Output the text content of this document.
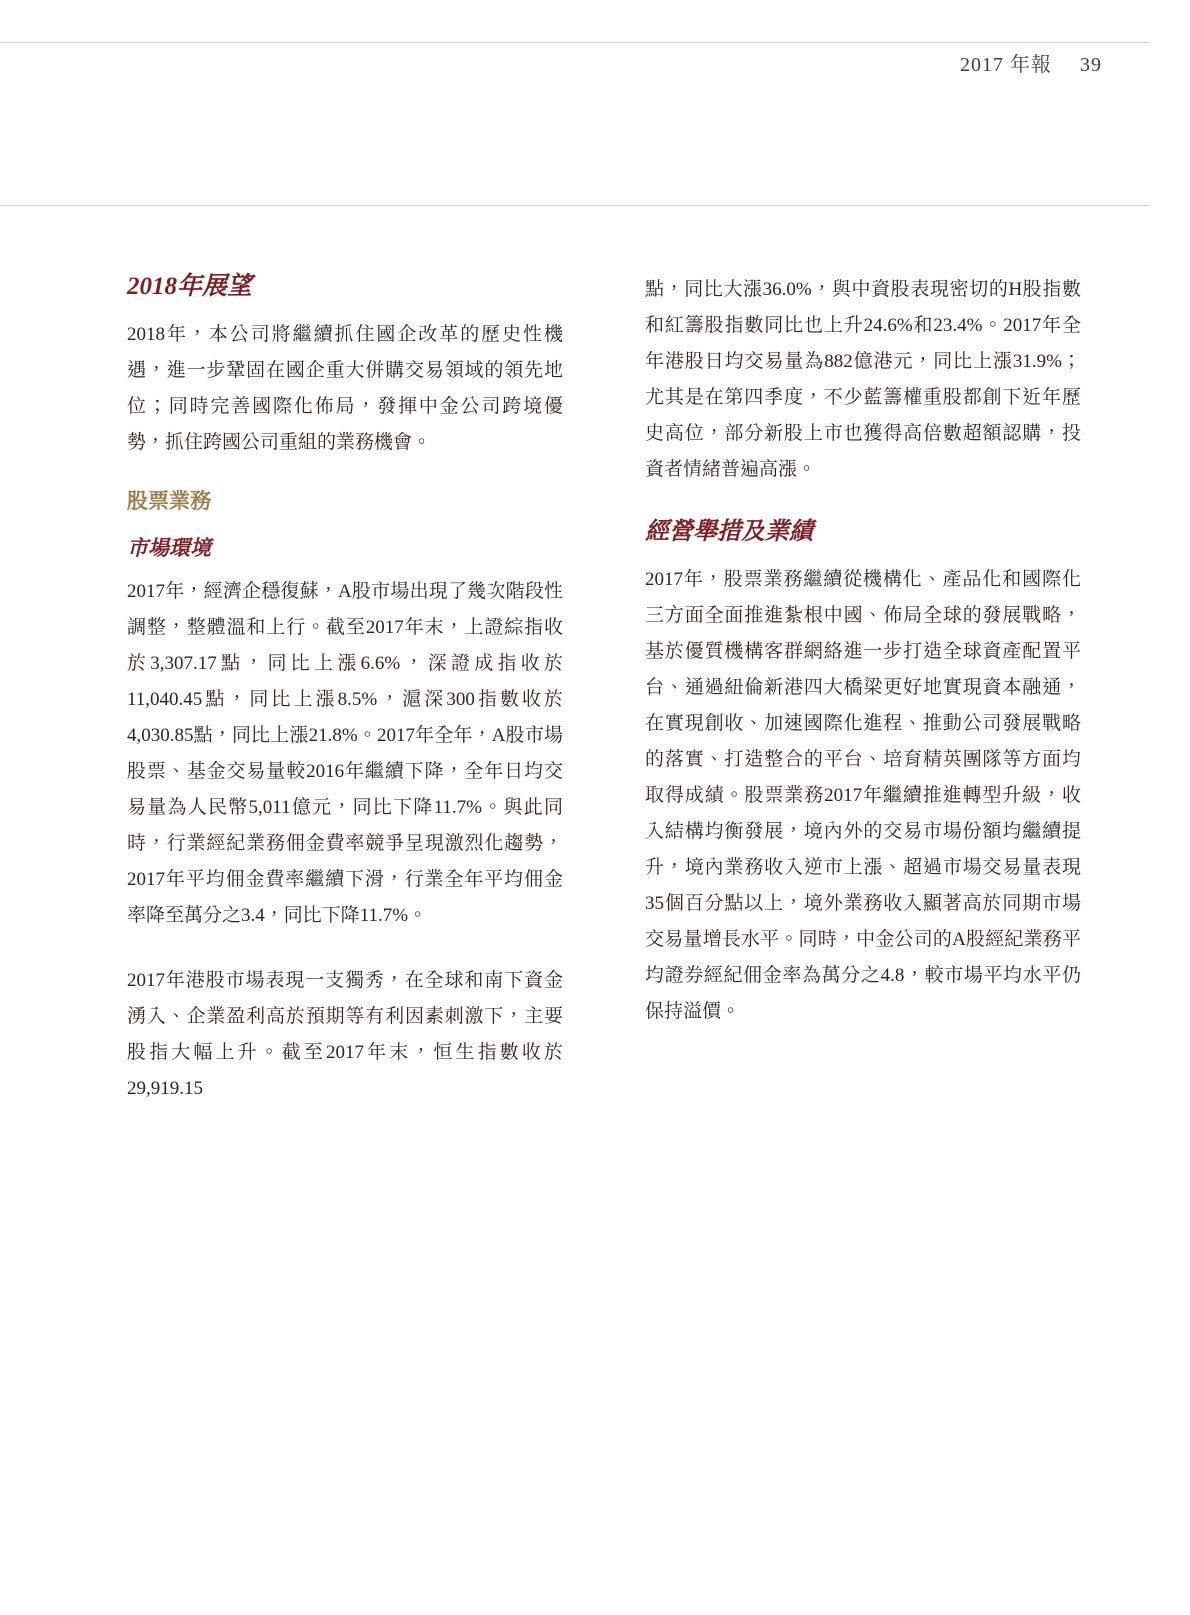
2017 年報 39
2018年展望

2018年，本公司將繼續抓住國企改革的歷史性機遇，進一步鞏固在國企重大併購交易領域的領先地位；同時完善國際化佈局，發揮中金公司跨境優勢，抓住跨國公司重組的業務機會。

股票業務
市場環境

2017年，經濟企穩復蘇，A股市場出現了幾次階段性調整，整體溫和上行。截至2017年末，上證綜指收於3,307.17點，同比上漲6.6%，深證成指收於11,040.45點，同比上漲8.5%，滬深300指數收於4,030.85點，同比上漲21.8%。2017年全年，A股市場股票、基金交易量較2016年繼續下降，全年日均交易量為人民幣5,011億元，同比下降11.7%。與此同時，行業經紀業務佣金費率競爭呈現激烈化趨勢，2017年平均佣金費率繼續下滑，行業全年平均佣金率降至萬分之3.4，同比下降11.7%。

2017年港股市場表現一支獨秀，在全球和南下資金湧入、企業盈利高於預期等有利因素刺激下，主要股指大幅上升。截至2017年末，恒生指數收於29,919.15

點，同比大漲36.0%，與中資股表現密切的H股指數和紅籌股指數同比也上升24.6%和23.4%。2017年全年港股日均交易量為882億港元，同比上漲31.9%；尤其是在第四季度，不少藍籌權重股都創下近年歷史高位，部分新股上市也獲得高倍數超額認購，投資者情緒普遍高漲。

經營舉措及業績

2017年，股票業務繼續從機構化、產品化和國際化三方面全面推進紮根中國、佈局全球的發展戰略，基於優質機構客群網絡進一步打造全球資產配置平台、通過紐倫新港四大橋梁更好地實現資本融通，在實現創收、加速國際化進程、推動公司發展戰略的落實、打造整合的平台、培育精英團隊等方面均取得成績。股票業務2017年繼續推進轉型升級，收入結構均衡發展，境內外的交易市場份額均繼續提升，境內業務收入逆市上漲、超過市場交易量表現35個百分點以上，境外業務收入顯著高於同期市場交易量增長水平。同時，中金公司的A股經紀業務平均證券經紀佣金率為萬分之4.8，較市場平均水平仍保持溢價。
